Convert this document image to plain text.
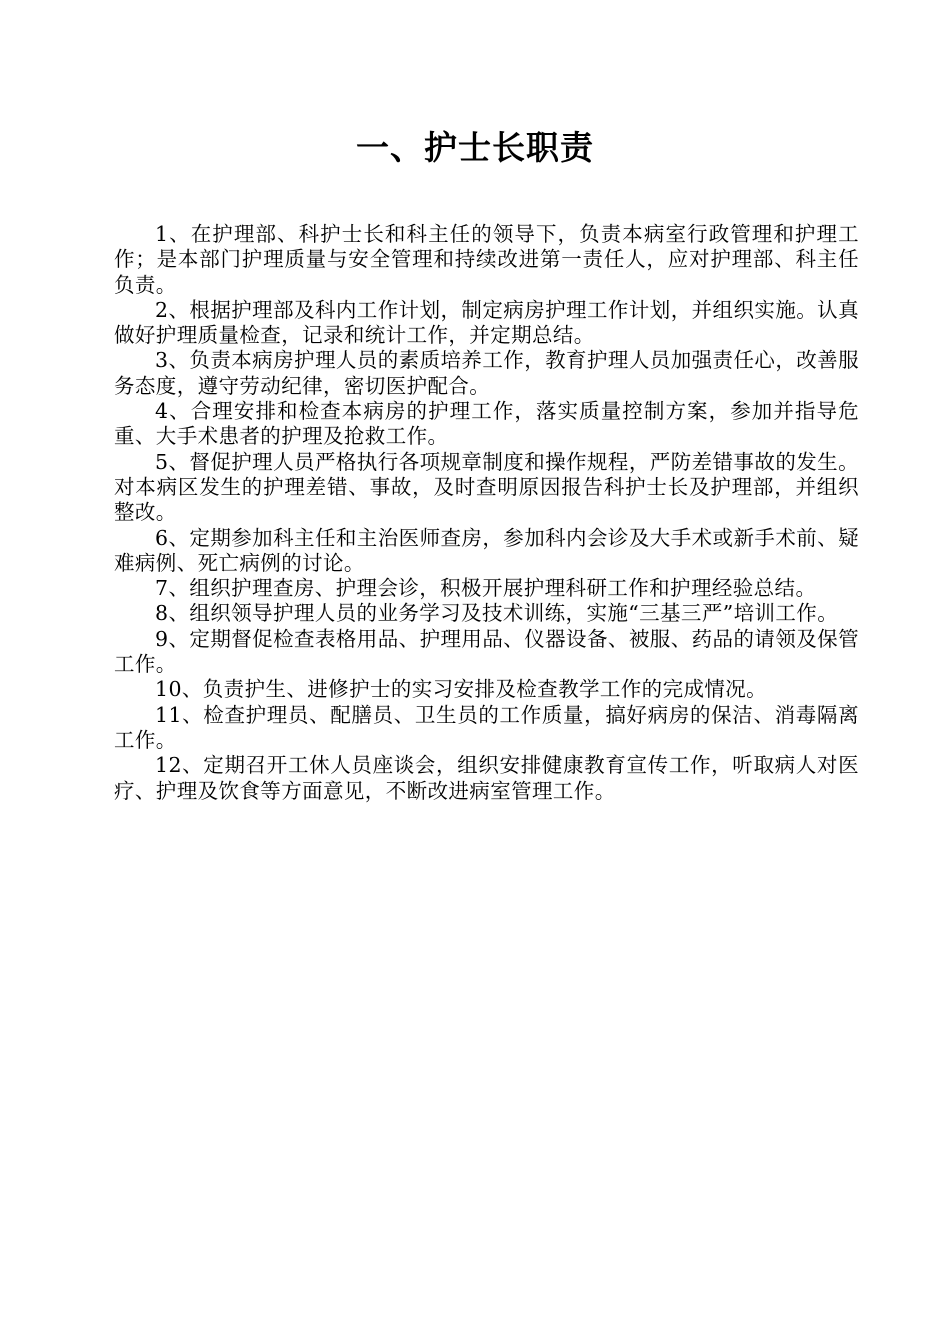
一、护士长职责

1、在护理部、科护士长和科主任的领导下，负责本病室行政管理和护理工作；是本部门护理质量与安全管理和持续改进第一责任人，应对护理部、科主任负责。

2、根据护理部及科内工作计划，制定病房护理工作计划，并组织实施。认真做好护理质量检查，记录和统计工作，并定期总结。

3、负责本病房护理人员的素质培养工作，教育护理人员加强责任心，改善服务态度，遵守劳动纪律，密切医护配合。

4、合理安排和检查本病房的护理工作，落实质量控制方案，参加并指导危重、大手术患者的护理及抢救工作。

5、督促护理人员严格执行各项规章制度和操作规程，严防差错事故的发生。对本病区发生的护理差错、事故，及时查明原因报告科护士长及护理部，并组织整改。

6、定期参加科主任和主治医师查房，参加科内会诊及大手术或新手术前、疑难病例、死亡病例的讨论。

7、组织护理查房、护理会诊，积极开展护理科研工作和护理经验总结。

8、组织领导护理人员的业务学习及技术训练，实施“三基三严”培训工作。

9、定期督促检查表格用品、护理用品、仪器设备、被服、药品的请领及保管工作。

10、负责护生、进修护士的实习安排及检查教学工作的完成情况。

11、检查护理员、配膳员、卫生员的工作质量，搞好病房的保洁、消毒隔离工作。

12、定期召开工休人员座谈会，组织安排健康教育宣传工作，听取病人对医疗、护理及饮食等方面意见，不断改进病室管理工作。
